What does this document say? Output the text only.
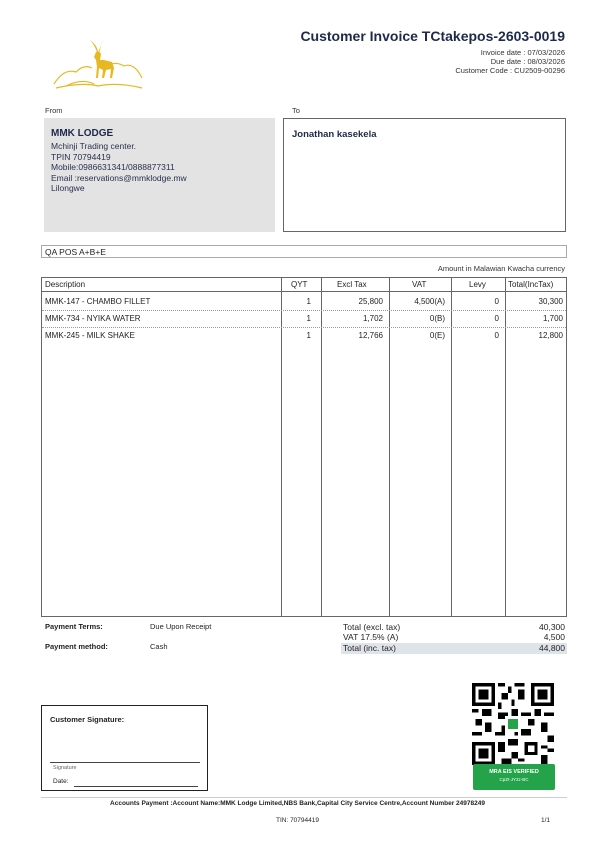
Customer Invoice TCtakepos-2603-0019
Invoice date : 07/03/2026
Due date : 08/03/2026
Customer Code : CU2509-00296
From	To
MMK LODGE
Mchinji Trading center.
TPIN 70794419
Mobile:0986631341/0888877311
Email :reservations@mmklodge.mw
Lilongwe
Jonathan kasekela
QA POS A+B+E
Amount in Malawian Kwacha currency
Description	QYT	Excl Tax	VAT	Levy	Total(IncTax)
MMK-147 - CHAMBO FILLET	1	25,800	4,500(A)	0	30,300
MMK-734 - NYIKA WATER	1	1,702	0(B)	0	1,700
MMK-245 - MILK SHAKE	1	12,766	0(E)	0	12,800
Payment Terms:	Due Upon Receipt
Payment method:	Cash
Total (excl. tax)	40,300
VAT 17.5% (A)	4,500
Total (inc. tax)	44,800
Customer Signature:
Signature
Date:
MRA EIS VERIFIED
CpZI-JY2z-BC
Accounts Payment :Account Name:MMK Lodge Limited,NBS Bank,Capital City Service Centre,Account Number 24978249
TIN: 70794419	1/1
